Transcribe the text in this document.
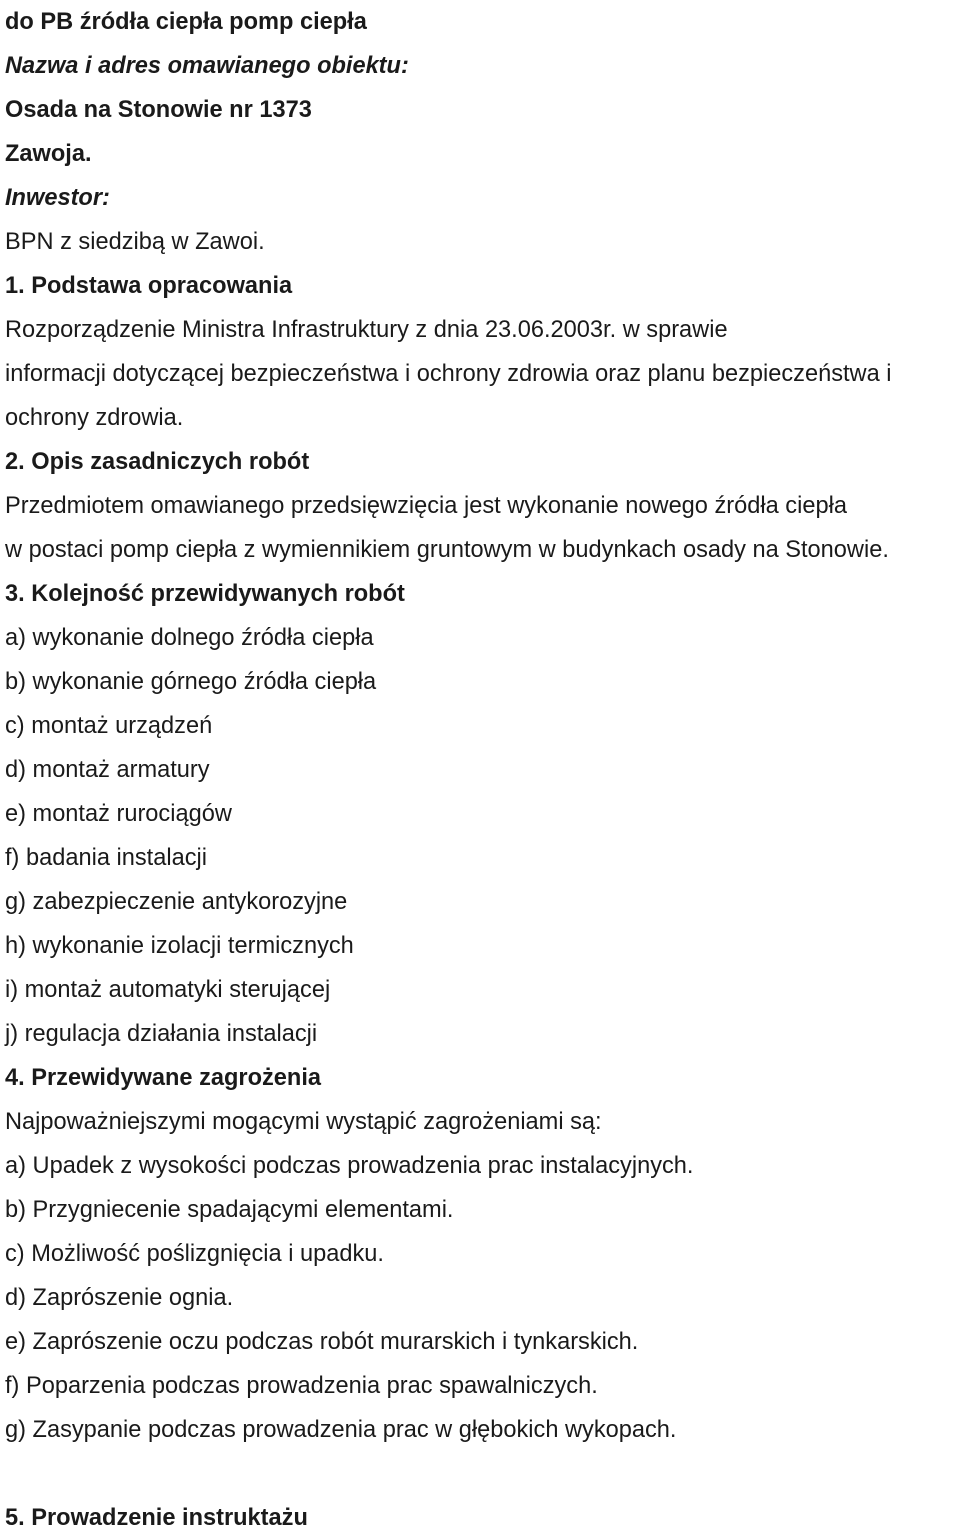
do PB źródła ciepła pomp ciepła
Nazwa i adres omawianego obiektu:
Osada na Stonowie nr 1373
Zawoja.
Inwestor:
BPN z siedzibą w Zawoi.
1. Podstawa opracowania
Rozporządzenie Ministra Infrastruktury z dnia 23.06.2003r. w sprawie
informacji dotyczącej bezpieczeństwa i ochrony zdrowia oraz planu bezpieczeństwa i
ochrony zdrowia.
2. Opis zasadniczych robót
Przedmiotem omawianego przedsięwzięcia jest wykonanie nowego źródła ciepła
w postaci pomp ciepła z wymiennikiem gruntowym w budynkach osady na Stonowie.
3. Kolejność przewidywanych robót
a) wykonanie dolnego źródła ciepła
b) wykonanie górnego źródła ciepła
c) montaż urządzeń
d) montaż armatury
e) montaż rurociągów
f) badania instalacji
g) zabezpieczenie antykorozyjne
h) wykonanie izolacji termicznych
i) montaż automatyki sterującej
j) regulacja działania instalacji
4. Przewidywane zagrożenia
Najpoważniejszymi mogącymi wystąpić zagrożeniami są:
a) Upadek z wysokości podczas prowadzenia prac instalacyjnych.
b) Przygniecenie spadającymi elementami.
c) Możliwość poślizgnięcia i upadku.
d) Zaprószenie ognia.
e) Zaprószenie oczu podczas robót murarskich i tynkarskich.
f) Poparzenia podczas prowadzenia prac spawalniczych.
g) Zasypanie podczas prowadzenia prac w głębokich wykopach.
5. Prowadzenie instruktażu
